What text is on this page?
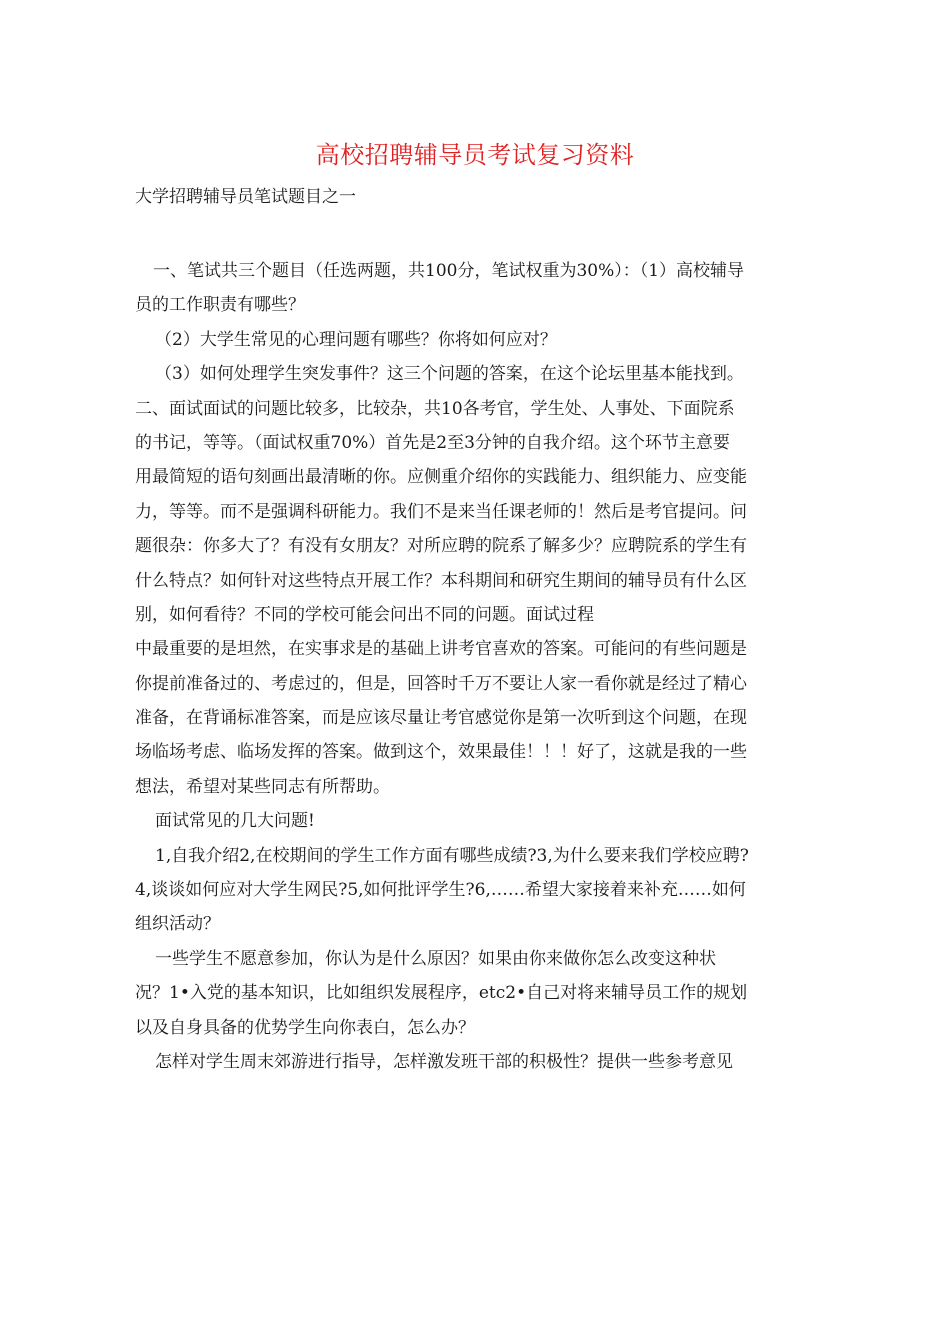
高校招聘辅导员考试复习资料
大学招聘辅导员笔试题目之一
一、笔试共三个题目（任选两题，共100分，笔试权重为30%）：（1）高校辅导
员的工作职责有哪些？
（2）大学生常见的心理问题有哪些？你将如何应对？
（3）如何处理学生突发事件？这三个问题的答案，在这个论坛里基本能找到。
二、面试面试的问题比较多，比较杂，共10各考官，学生处、人事处、下面院系
的书记，等等。（面试权重70%）首先是2至3分钟的自我介绍。这个环节主意要
用最简短的语句刻画出最清晰的你。应侧重介绍你的实践能力、组织能力、应变能
力，等等。而不是强调科研能力。我们不是来当任课老师的！然后是考官提问。问
题很杂：你多大了？有没有女朋友？对所应聘的院系了解多少？应聘院系的学生有
什么特点？如何针对这些特点开展工作？本科期间和研究生期间的辅导员有什么区
别，如何看待？不同的学校可能会问出不同的问题。面试过程
中最重要的是坦然，在实事求是的基础上讲考官喜欢的答案。可能问的有些问题是
你提前准备过的、考虑过的，但是，回答时千万不要让人家一看你就是经过了精心
准备，在背诵标准答案，而是应该尽量让考官感觉你是第一次听到这个问题，在现
场临场考虑、临场发挥的答案。做到这个，效果最佳！！！好了，这就是我的一些
想法，希望对某些同志有所帮助。
面试常见的几大问题!
1,自我介绍2,在校期间的学生工作方面有哪些成绩?3,为什么要来我们学校应聘?
4,谈谈如何应对大学生网民?5,如何批评学生?6,……希望大家接着来补充……如何
组织活动？
一些学生不愿意参加，你认为是什么原因？如果由你来做你怎么改变这种状
况？1•入党的基本知识，比如组织发展程序，etc2•自己对将来辅导员工作的规划
以及自身具备的优势学生向你表白，怎么办？
怎样对学生周末郊游进行指导，怎样激发班干部的积极性？提供一些参考意见
